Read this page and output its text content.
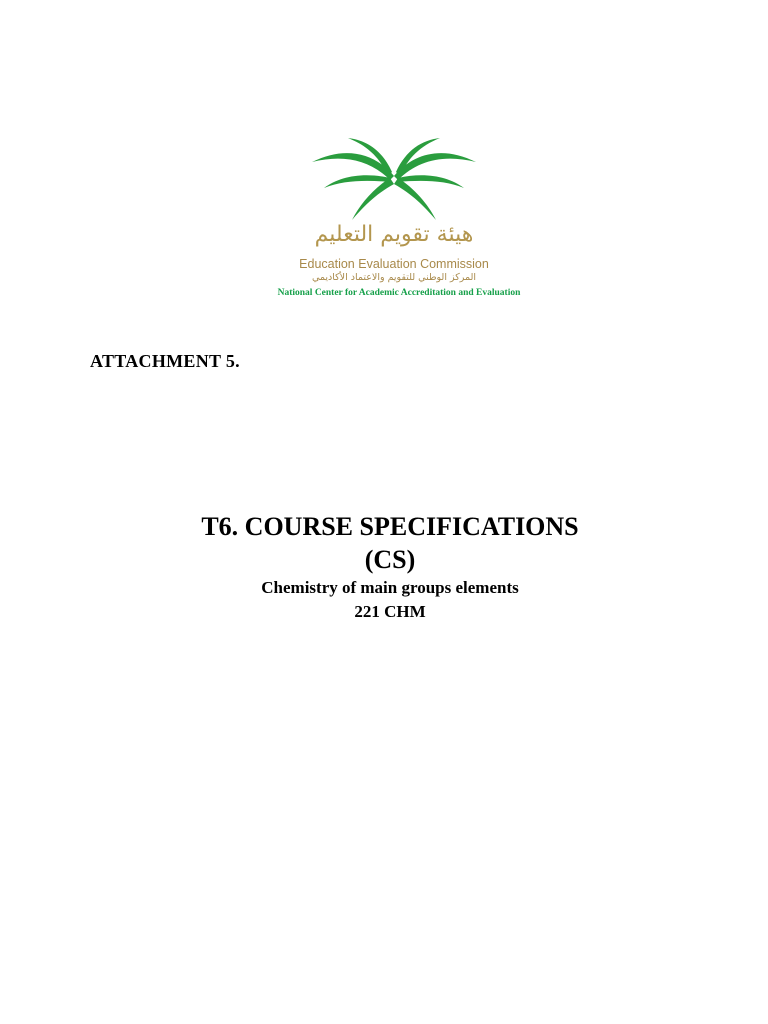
هيئة تقويم التعليم
Education Evaluation Commission
المركز الوطني للتقويم والاعتماد الأكاديمي
National Center for Academic Accreditation and Evaluation
ATTACHMENT 5.

T6. COURSE SPECIFICATIONS

(CS)

Chemistry of main groups elements

221 CHM
